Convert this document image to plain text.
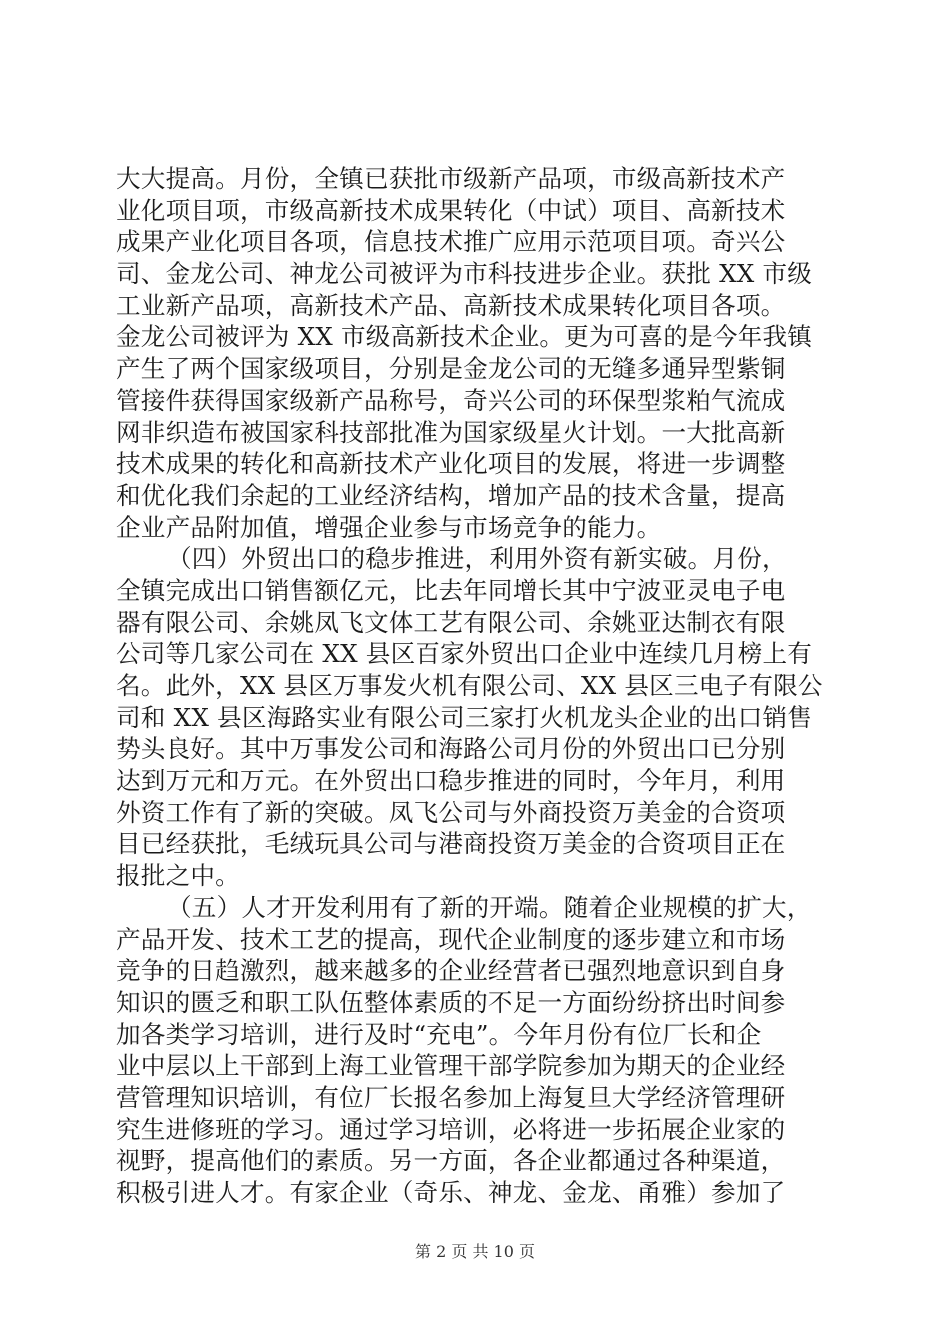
大大提高。月份，全镇已获批市级新产品项，市级高新技术产
业化项目项，市级高新技术成果转化（中试）项目、高新技术
成果产业化项目各项，信息技术推广应用示范项目项。奇兴公
司、金龙公司、神龙公司被评为市科技进步企业。获批 XX 市级
工业新产品项，高新技术产品、高新技术成果转化项目各项。
金龙公司被评为 XX 市级高新技术企业。更为可喜的是今年我镇
产生了两个国家级项目，分别是金龙公司的无缝多通异型紫铜
管接件获得国家级新产品称号，奇兴公司的环保型浆粕气流成
网非织造布被国家科技部批准为国家级星火计划。一大批高新
技术成果的转化和高新技术产业化项目的发展，将进一步调整
和优化我们余起的工业经济结构，增加产品的技术含量，提高
企业产品附加值，增强企业参与市场竞争的能力。
（四）外贸出口的稳步推进，利用外资有新实破。月份，
全镇完成出口销售额亿元，比去年同增长其中宁波亚灵电子电
器有限公司、余姚凤飞文体工艺有限公司、余姚亚达制衣有限
公司等几家公司在 XX 县区百家外贸出口企业中连续几月榜上有
名。此外，XX 县区万事发火机有限公司、XX 县区三电子有限公
司和 XX 县区海路实业有限公司三家打火机龙头企业的出口销售
势头良好。其中万事发公司和海路公司月份的外贸出口已分别
达到万元和万元。在外贸出口稳步推进的同时，今年月，利用
外资工作有了新的突破。凤飞公司与外商投资万美金的合资项
目已经获批，毛绒玩具公司与港商投资万美金的合资项目正在
报批之中。
（五）人才开发利用有了新的开端。随着企业规模的扩大，
产品开发、技术工艺的提高，现代企业制度的逐步建立和市场
竞争的日趋激烈，越来越多的企业经营者已强烈地意识到自身
知识的匮乏和职工队伍整体素质的不足一方面纷纷挤出时间参
加各类学习培训，进行及时“充电”。今年月份有位厂长和企
业中层以上干部到上海工业管理干部学院参加为期天的企业经
营管理知识培训，有位厂长报名参加上海复旦大学经济管理研
究生进修班的学习。通过学习培训，必将进一步拓展企业家的
视野，提高他们的素质。另一方面，各企业都通过各种渠道，
积极引进人才。有家企业（奇乐、神龙、金龙、甬雅）参加了
第 2 页 共 10 页
